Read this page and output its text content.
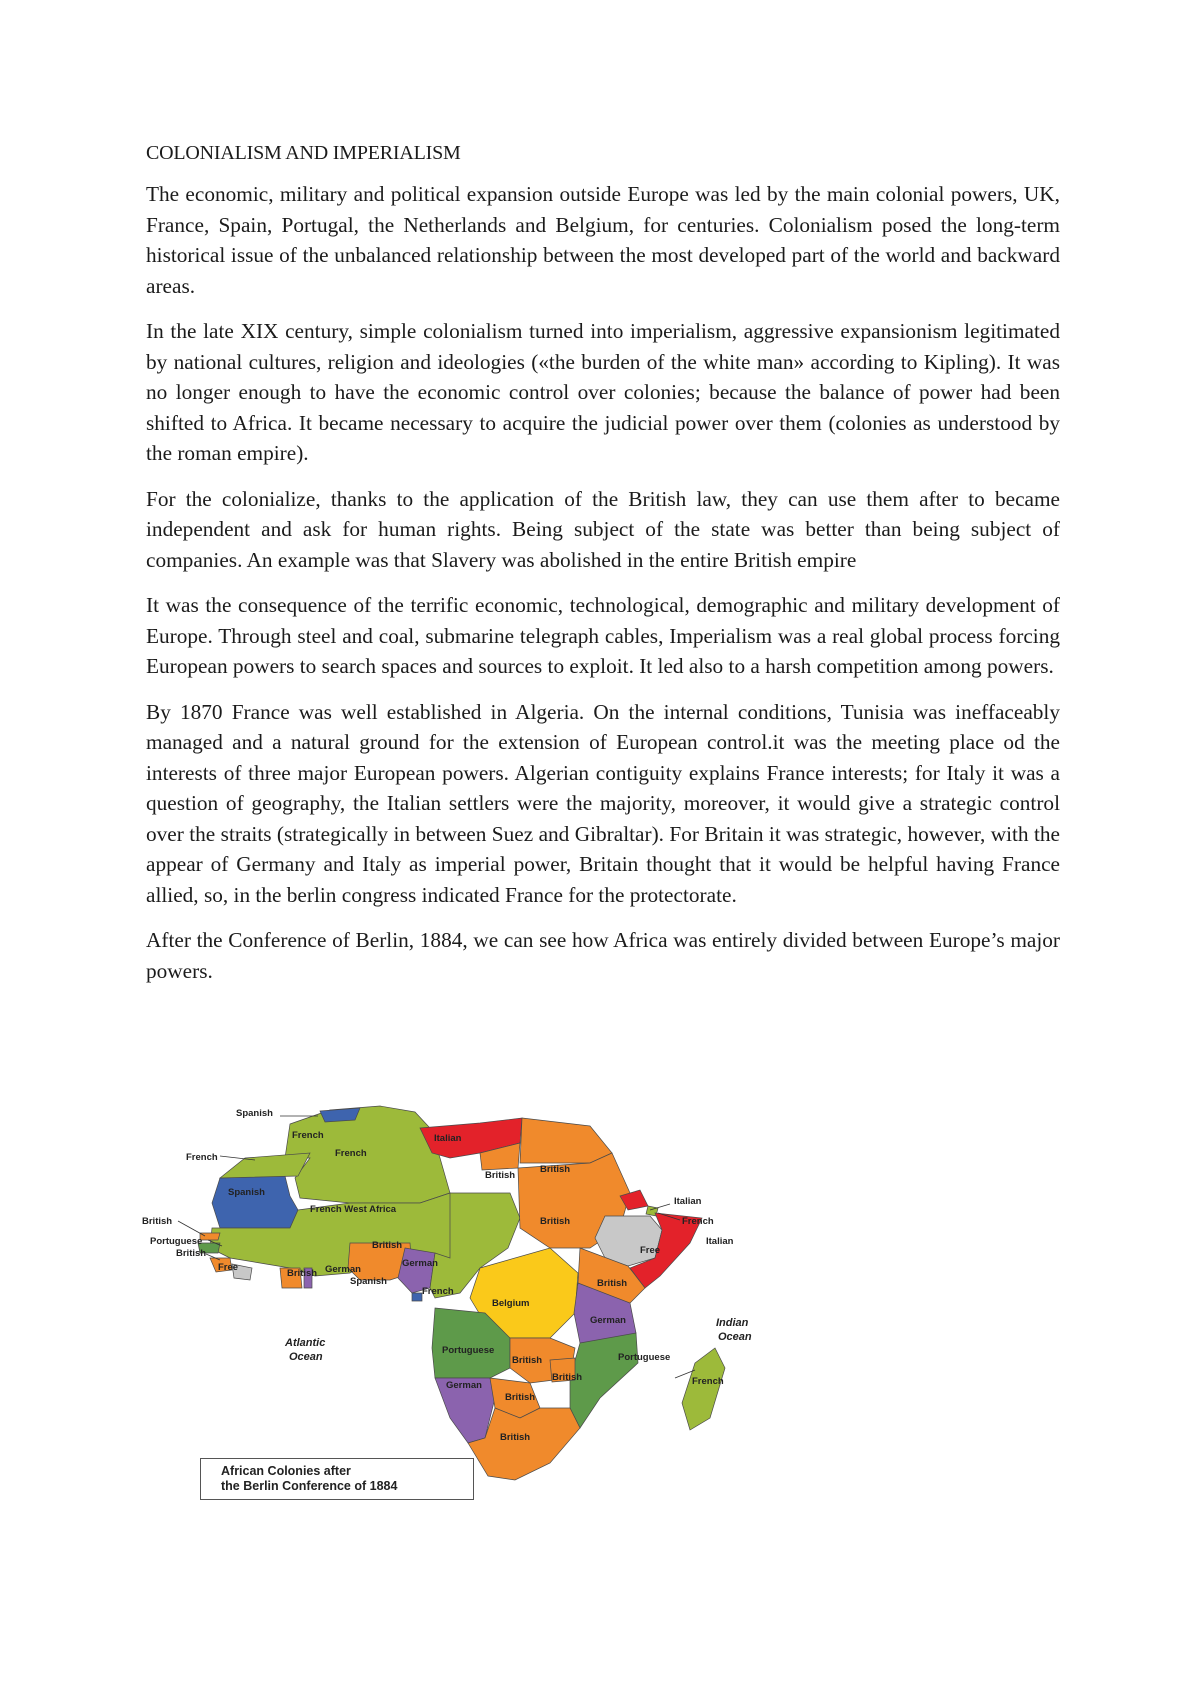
COLONIALISM AND IMPERIALISM

The economic, military and political expansion outside Europe was led by the main colonial powers, UK, France, Spain, Portugal, the Netherlands and Belgium, for centuries. Colonialism posed the long-term historical issue of the unbalanced relationship between the most developed part of the world and backward areas.

In the late XIX century, simple colonialism turned into imperialism, aggressive expansionism legitimated by national cultures, religion and ideologies («the burden of the white man» according to Kipling). It was no longer enough to have the economic control over colonies; because the balance of power had been shifted to Africa. It became necessary to acquire the judicial power over them (colonies as understood by the roman empire).

For the colonialize, thanks to the application of the British law, they can use them after to became independent and ask for human rights. Being subject of the state was better than being subject of companies. An example was that Slavery was abolished in the entire British empire

It was the consequence of the terrific economic, technological, demographic and military development of Europe. Through steel and coal, submarine telegraph cables, Imperialism was a real global process forcing European powers to search spaces and sources to exploit. It led also to a harsh competition among powers.

By 1870 France was well established in Algeria. On the internal conditions, Tunisia was ineffaceably managed and a natural ground for the extension of European control.it was the meeting place od the interests of three major European powers. Algerian contiguity explains France interests; for Italy it was a question of geography, the Italian settlers were the majority, moreover, it would give a strategic control over the straits (strategically in between Suez and Gibraltar). For Britain it was strategic, however, with the appear of Germany and Italy as imperial power, Britain thought that it would be helpful having France allied, so, in the berlin congress indicated France for the protectorate.

After the Conference of Berlin, 1884, we can see how Africa was entirely divided between Europe’s major powers.

Spanish
French
French	French
Spanish
French West Africa
British
Portuguese
British
Free
British German
British
German
Spanish
French
Italian
British
British
British
Italian
French
Italian
Free
British
Belgium
German
Portuguese
British	Portuguese
British
German
British
British
French
Atlantic
Ocean
Indian
Ocean
African Colonies after
the Berlin Conference of 1884
